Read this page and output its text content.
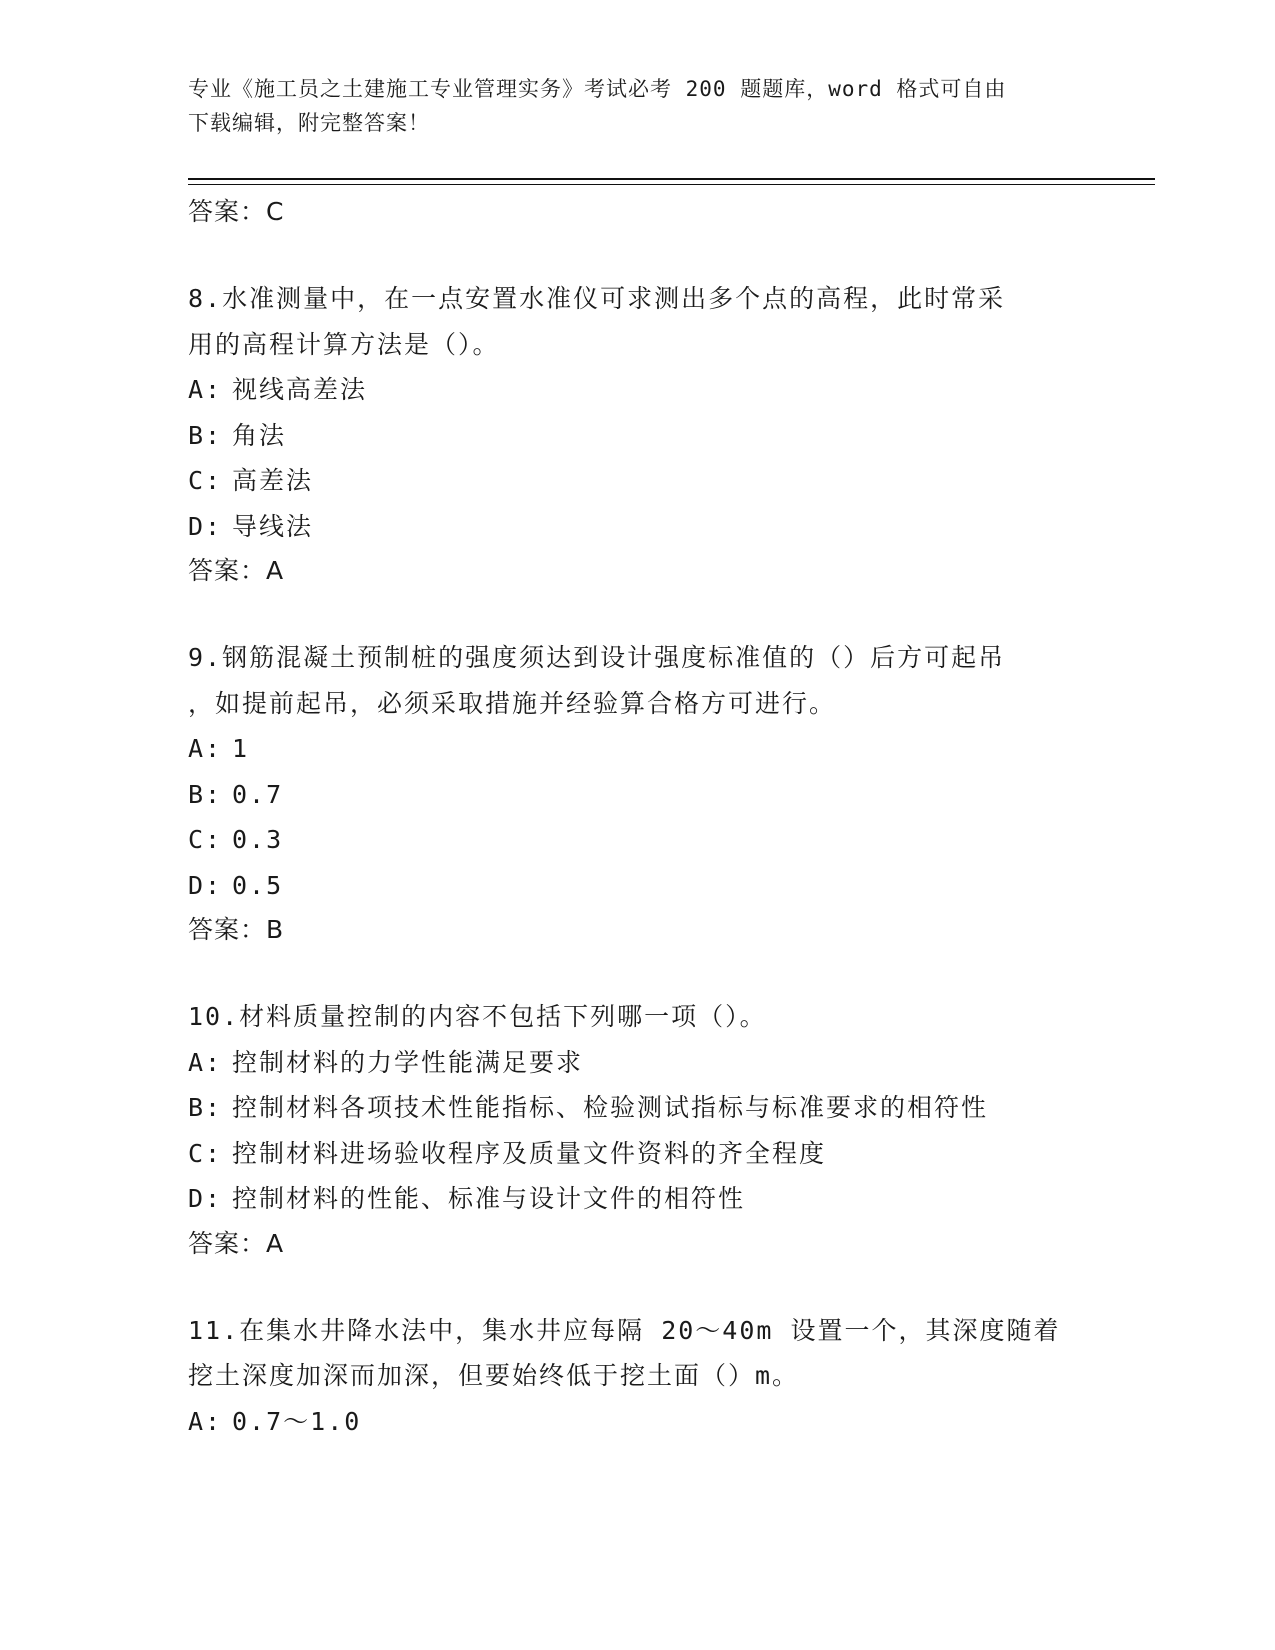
专业《施工员之土建施工专业管理实务》考试必考 200 题题库，word 格式可自由
下载编辑，附完整答案！
答案：C
8.水准测量中，在一点安置水准仪可求测出多个点的高程，此时常采
用的高程计算方法是（）。
A: 视线高差法
B: 角法
C: 高差法
D: 导线法
答案：A
9.钢筋混凝土预制桩的强度须达到设计强度标准值的（）后方可起吊
，如提前起吊，必须采取措施并经验算合格方可进行。
A: 1
B: 0.7
C: 0.3
D: 0.5
答案：B
10.材料质量控制的内容不包括下列哪一项（）。
A: 控制材料的力学性能满足要求
B: 控制材料各项技术性能指标、检验测试指标与标准要求的相符性
C: 控制材料进场验收程序及质量文件资料的齐全程度
D: 控制材料的性能、标准与设计文件的相符性
答案：A
11.在集水井降水法中，集水井应每隔 20～40m 设置一个，其深度随着
挖土深度加深而加深，但要始终低于挖土面（）m。
A: 0.7～1.0
